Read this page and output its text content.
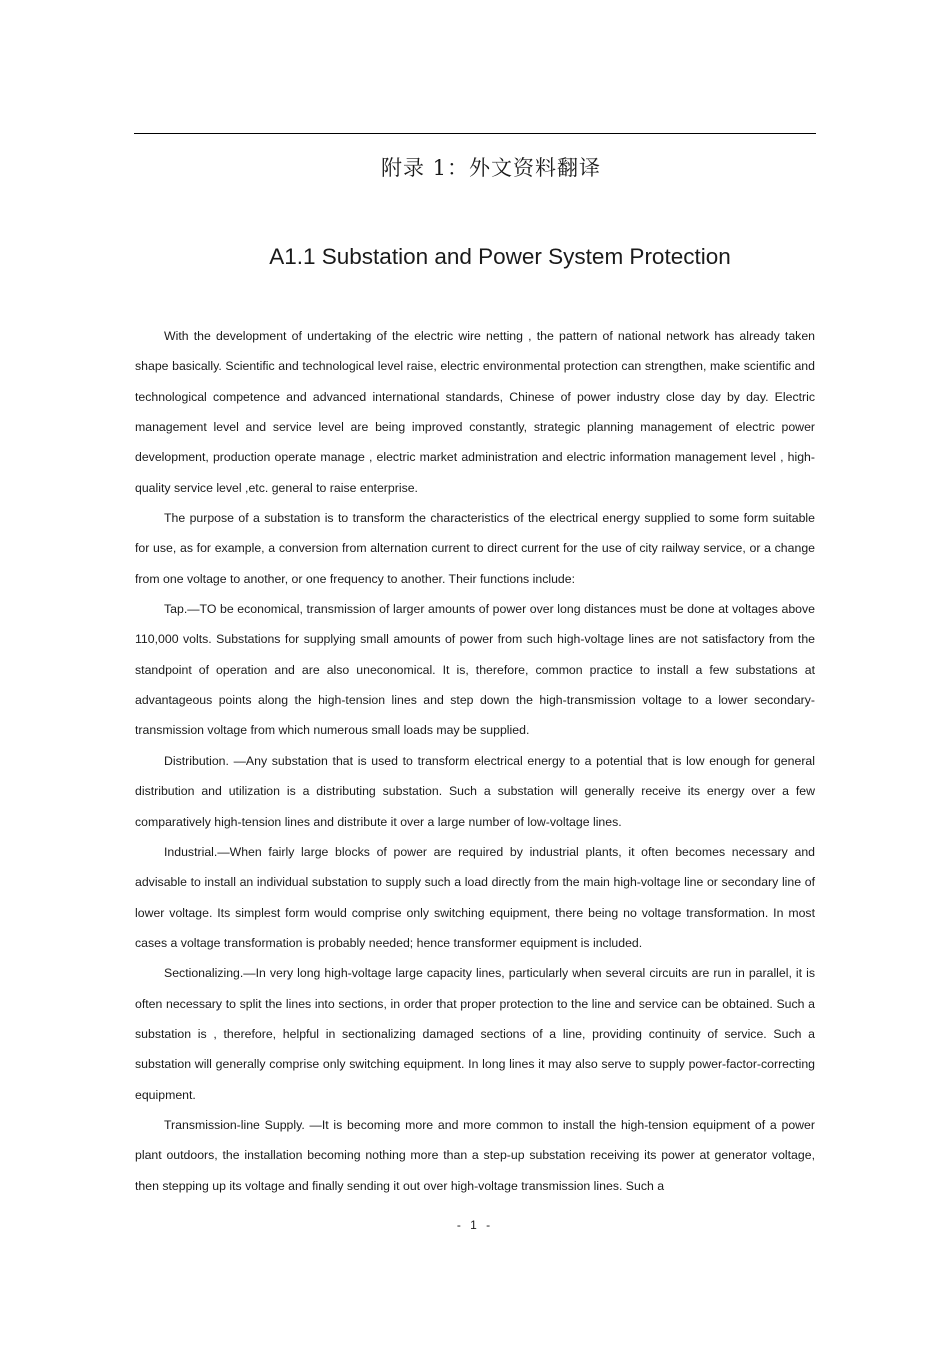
附录 1：外文资料翻译
A1.1 Substation and Power System Protection

With the development of undertaking of the electric wire netting , the pattern of national network has already taken shape basically. Scientific and technological level raise, electric environmental protection can strengthen, make scientific and technological competence and advanced international standards, Chinese of power industry close day by day. Electric management level and service level are being improved constantly, strategic planning management of electric power development, production operate manage , electric market administration and electric information management level , high-quality service level ,etc. general to raise enterprise.

The purpose of a substation is to transform the characteristics of the electrical energy supplied to some form suitable for use, as for example, a conversion from alternation current to direct current for the use of city railway service, or a change from one voltage to another, or one frequency to another. Their functions include:

Tap.—TO be economical, transmission of larger amounts of power over long distances must be done at voltages above 110,000 volts. Substations for supplying small amounts of power from such high-voltage lines are not satisfactory from the standpoint of operation and are also uneconomical. It is, therefore, common practice to install a few substations at advantageous points along the high-tension lines and step down the high-transmission voltage to a lower secondary-transmission voltage from which numerous small loads may be supplied.

Distribution. —Any substation that is used to transform electrical energy to a potential that is low enough for general distribution and utilization is a distributing substation. Such a substation will generally receive its energy over a few comparatively high-tension lines and distribute it over a large number of low-voltage lines.

Industrial.—When fairly large blocks of power are required by industrial plants, it often becomes necessary and advisable to install an individual substation to supply such a load directly from the main high-voltage line or secondary line of lower voltage. Its simplest form would comprise only switching equipment, there being no voltage transformation. In most cases a voltage transformation is probably needed; hence transformer equipment is included.

Sectionalizing.—In very long high-voltage large capacity lines, particularly when several circuits are run in parallel, it is often necessary to split the lines into sections, in order that proper protection to the line and service can be obtained. Such a substation is , therefore, helpful in sectionalizing damaged sections of a line, providing continuity of service. Such a substation will generally comprise only switching equipment. In long lines it may also serve to supply power-factor-correcting equipment.

Transmission-line Supply. —It is becoming more and more common to install the high-tension equipment of a power plant outdoors, the installation becoming nothing more than a step-up substation receiving its power at generator voltage, then stepping up its voltage and finally sending it out over high-voltage transmission lines. Such a

- 1 -
